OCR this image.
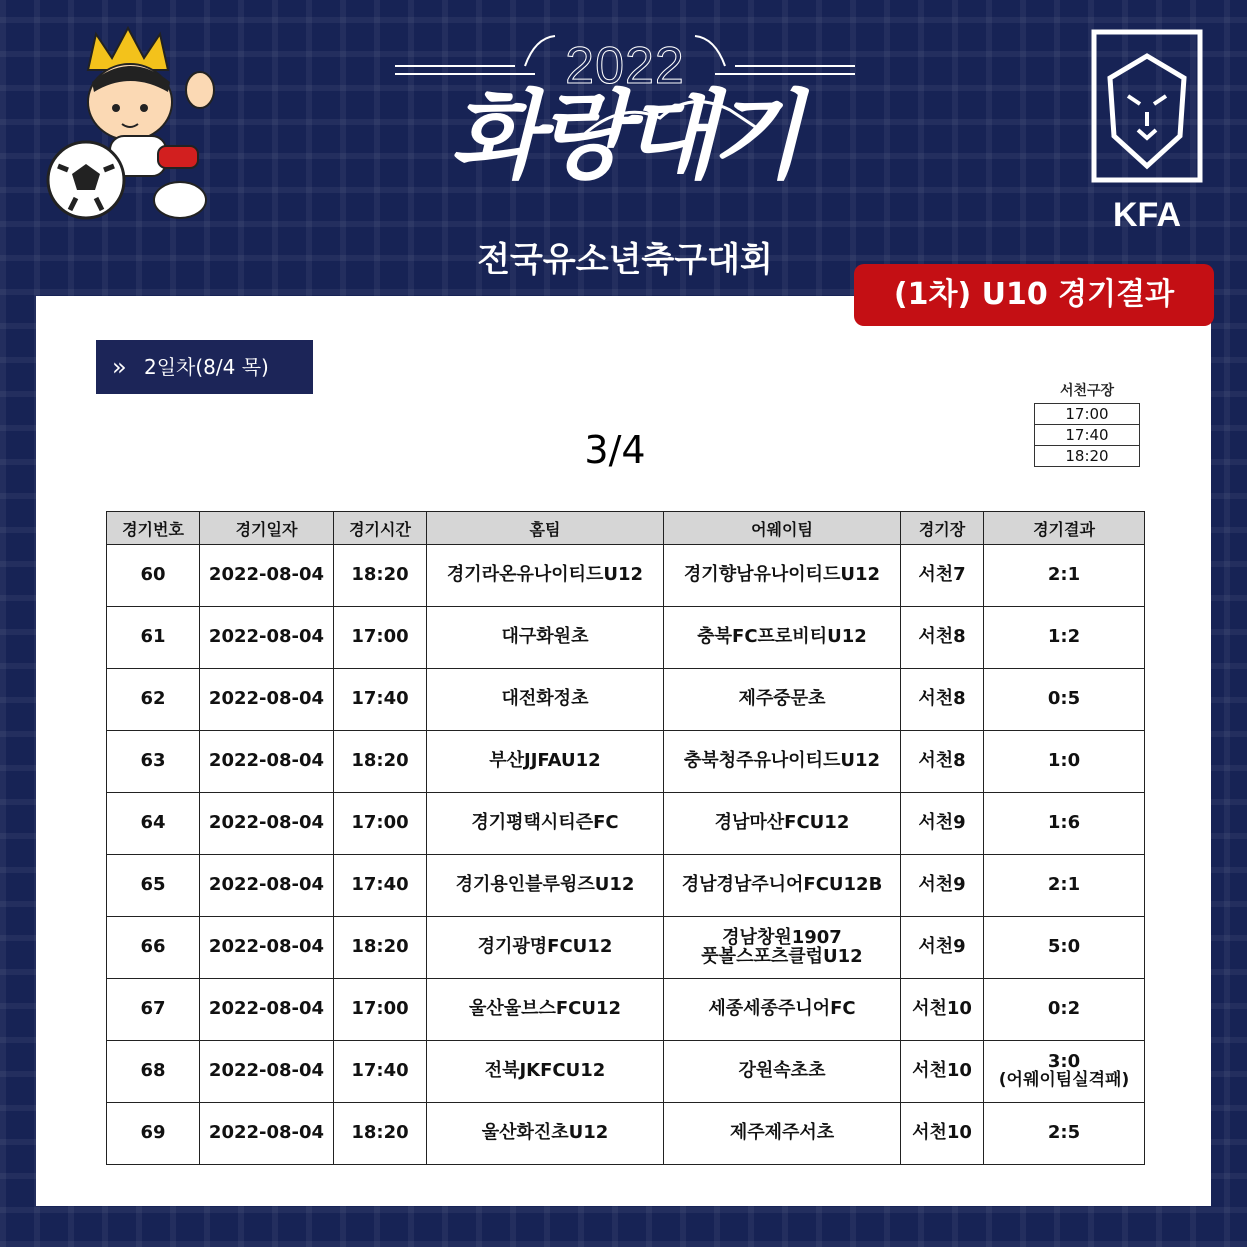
KFA
2022
화랑대기
전국유소년축구대회
(1차) U10 경기결과
» 2일차(8/4 목)
3/4
서천구장
17:00
17:40
18:20
경기번호	경기일자	경기시간	홈팀	어웨이팀	경기장	경기결과
60	2022-08-04	18:20	경기라온유나이티드U12	경기향남유나이티드U12	서천7	2:1

61	2022-08-04	17:00	대구화원초	충북FC프로비티U12	서천8	1:2

62	2022-08-04	17:40	대전화정초	제주중문초	서천8	0:5

63	2022-08-04	18:20	부산JJFAU12	충북청주유나이티드U12	서천8	1:0

64	2022-08-04	17:00	경기평택시티즌FC	경남마산FCU12	서천9	1:6

65	2022-08-04	17:40	경기용인블루윙즈U12	경남경남주니어FCU12B	서천9	2:1

66	2022-08-04	18:20	경기광명FCU12	경남창원1907
풋볼스포츠클럽U12	서천9	5:0

67	2022-08-04	17:00	울산울브스FCU12	세종세종주니어FC	서천10	0:2

68	2022-08-04	17:40	전북JKFCU12	강원속초초	서천10	3:0
(어웨이팀실격패)

69	2022-08-04	18:20	울산화진초U12	제주제주서초	서천10	2:5
